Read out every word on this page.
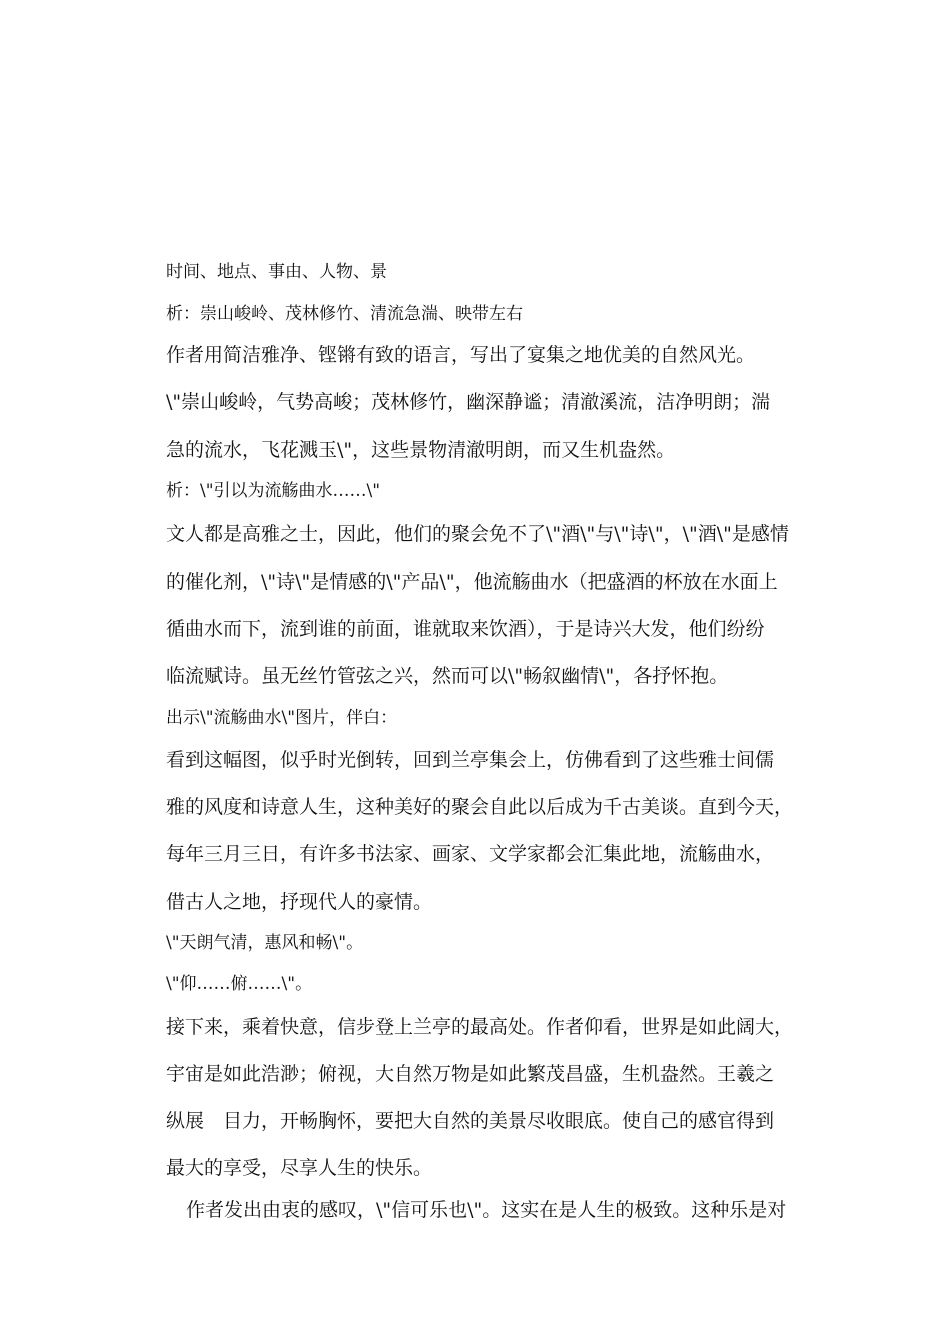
时间、地点、事由、人物、景
析：崇山峻岭、茂林修竹、清流急湍、映带左右
作者用简洁雅净、铿锵有致的语言，写出了宴集之地优美的自然风光。
\"崇山峻岭，气势高峻；茂林修竹，幽深静谧；清澈溪流，洁净明朗；湍
急的流水，飞花溅玉\"，这些景物清澈明朗，而又生机盎然。
析：\"引以为流觞曲水……\"
文人都是高雅之士，因此，他们的聚会免不了\"酒\"与\"诗\"，\"酒\"是感情
的催化剂，\"诗\"是情感的\"产品\"，他流觞曲水（把盛酒的杯放在水面上
循曲水而下，流到谁的前面，谁就取来饮酒），于是诗兴大发，他们纷纷
临流赋诗。虽无丝竹管弦之兴，然而可以\"畅叙幽情\"，各抒怀抱。
出示\"流觞曲水\"图片，伴白：
看到这幅图，似乎时光倒转，回到兰亭集会上，仿佛看到了这些雅士间儒
雅的风度和诗意人生，这种美好的聚会自此以后成为千古美谈。直到今天，
每年三月三日，有许多书法家、画家、文学家都会汇集此地，流觞曲水，
借古人之地，抒现代人的豪情。
\"天朗气清，惠风和畅\"。
\"仰……俯……\"。
接下来，乘着快意，信步登上兰亭的最高处。作者仰看，世界是如此阔大，
宇宙是如此浩渺；俯视，大自然万物是如此繁茂昌盛，生机盎然。王羲之
纵展　目力，开畅胸怀，要把大自然的美景尽收眼底。使自己的感官得到
最大的享受，尽享人生的快乐。
作者发出由衷的感叹，\"信可乐也\"。这实在是人生的极致。这种乐是对
